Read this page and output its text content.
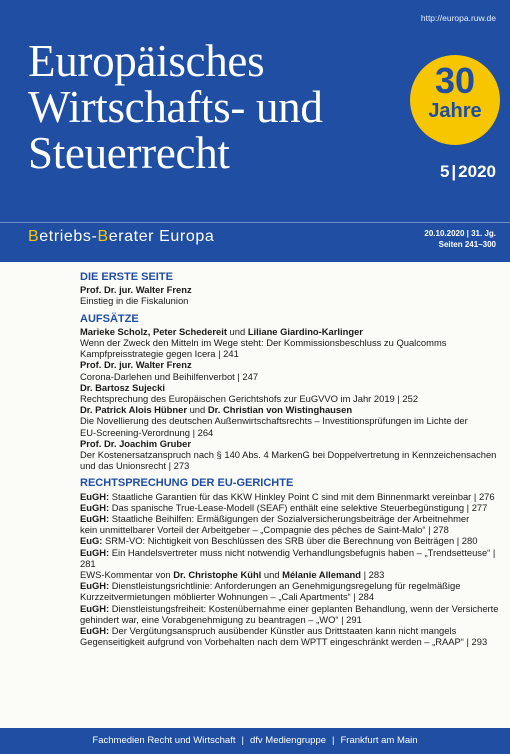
http://europa.ruw.de
Europäisches
Wirtschafts- und
Steuerrecht
30
Jahre
5 | 2020
Betriebs-Berater Europa	20.10.2020 | 31. Jg.
Seiten 241–300
DIE ERSTE SEITE
Prof. Dr. jur. Walter Frenz
Einstieg in die Fiskalunion
AUFSÄTZE
Marieke Scholz, Peter Schedereit und Liliane Giardino-Karlinger
Wenn der Zweck den Mitteln im Wege steht: Der Kommissionsbeschluss zu Qualcomms
Kampfpreisstrategie gegen Icera | 241
Prof. Dr. jur. Walter Frenz
Corona-Darlehen und Beihilfenverbot | 247
Dr. Bartosz Sujecki
Rechtsprechung des Europäischen Gerichtshofs zur EuGVVO im Jahr 2019 | 252
Dr. Patrick Alois Hübner und Dr. Christian von Wistinghausen
Die Novellierung des deutschen Außenwirtschaftsrechts – Investitionsprüfungen im Lichte der
EU-Screening-Verordnung | 264
Prof. Dr. Joachim Gruber
Der Kostenersatzanspruch nach § 140 Abs. 4 MarkenG bei Doppelvertretung in Kennzeichensachen
und das Unionsrecht | 273
RECHTSPRECHUNG DER EU-GERICHTE
EuGH: Staatliche Garantien für das KKW Hinkley Point C sind mit dem Binnenmarkt vereinbar | 276
EuGH: Das spanische True-Lease-Modell (SEAF) enthält eine selektive Steuerbegünstigung | 277
EuGH: Staatliche Beihilfen: Ermäßigungen der Sozialversicherungsbeiträge der Arbeitnehmer
kein unmittelbarer Vorteil der Arbeitgeber – „Compagnie des pêches de Saint-Malo“ | 278
EuG: SRM-VO: Nichtigkeit von Beschlüssen des SRB über die Berechnung von Beiträgen | 280
EuGH: Ein Handelsvertreter muss nicht notwendig Verhandlungsbefugnis haben – „Trendsetteuse“ | 281
EWS-Kommentar von Dr. Christophe Kühl und Mélanie Allemand | 283
EuGH: Dienstleistungsrichtlinie: Anforderungen an Genehmigungsregelung für regelmäßige
Kurzzeitvermietungen möblierter Wohnungen – „Cali Apartments“ | 284
EuGH: Dienstleistungsfreiheit: Kostenübernahme einer geplanten Behandlung, wenn der Versicherte
gehindert war, eine Vorabgenehmigung zu beantragen – „WO“ | 291
EuGH: Der Vergütungsanspruch ausübender Künstler aus Drittstaaten kann nicht mangels
Gegenseitigkeit aufgrund von Vorbehalten nach dem WPTT eingeschränkt werden – „RAAP“ | 293
Fachmedien Recht und Wirtschaft | dfv Mediengruppe | Frankfurt am Main
